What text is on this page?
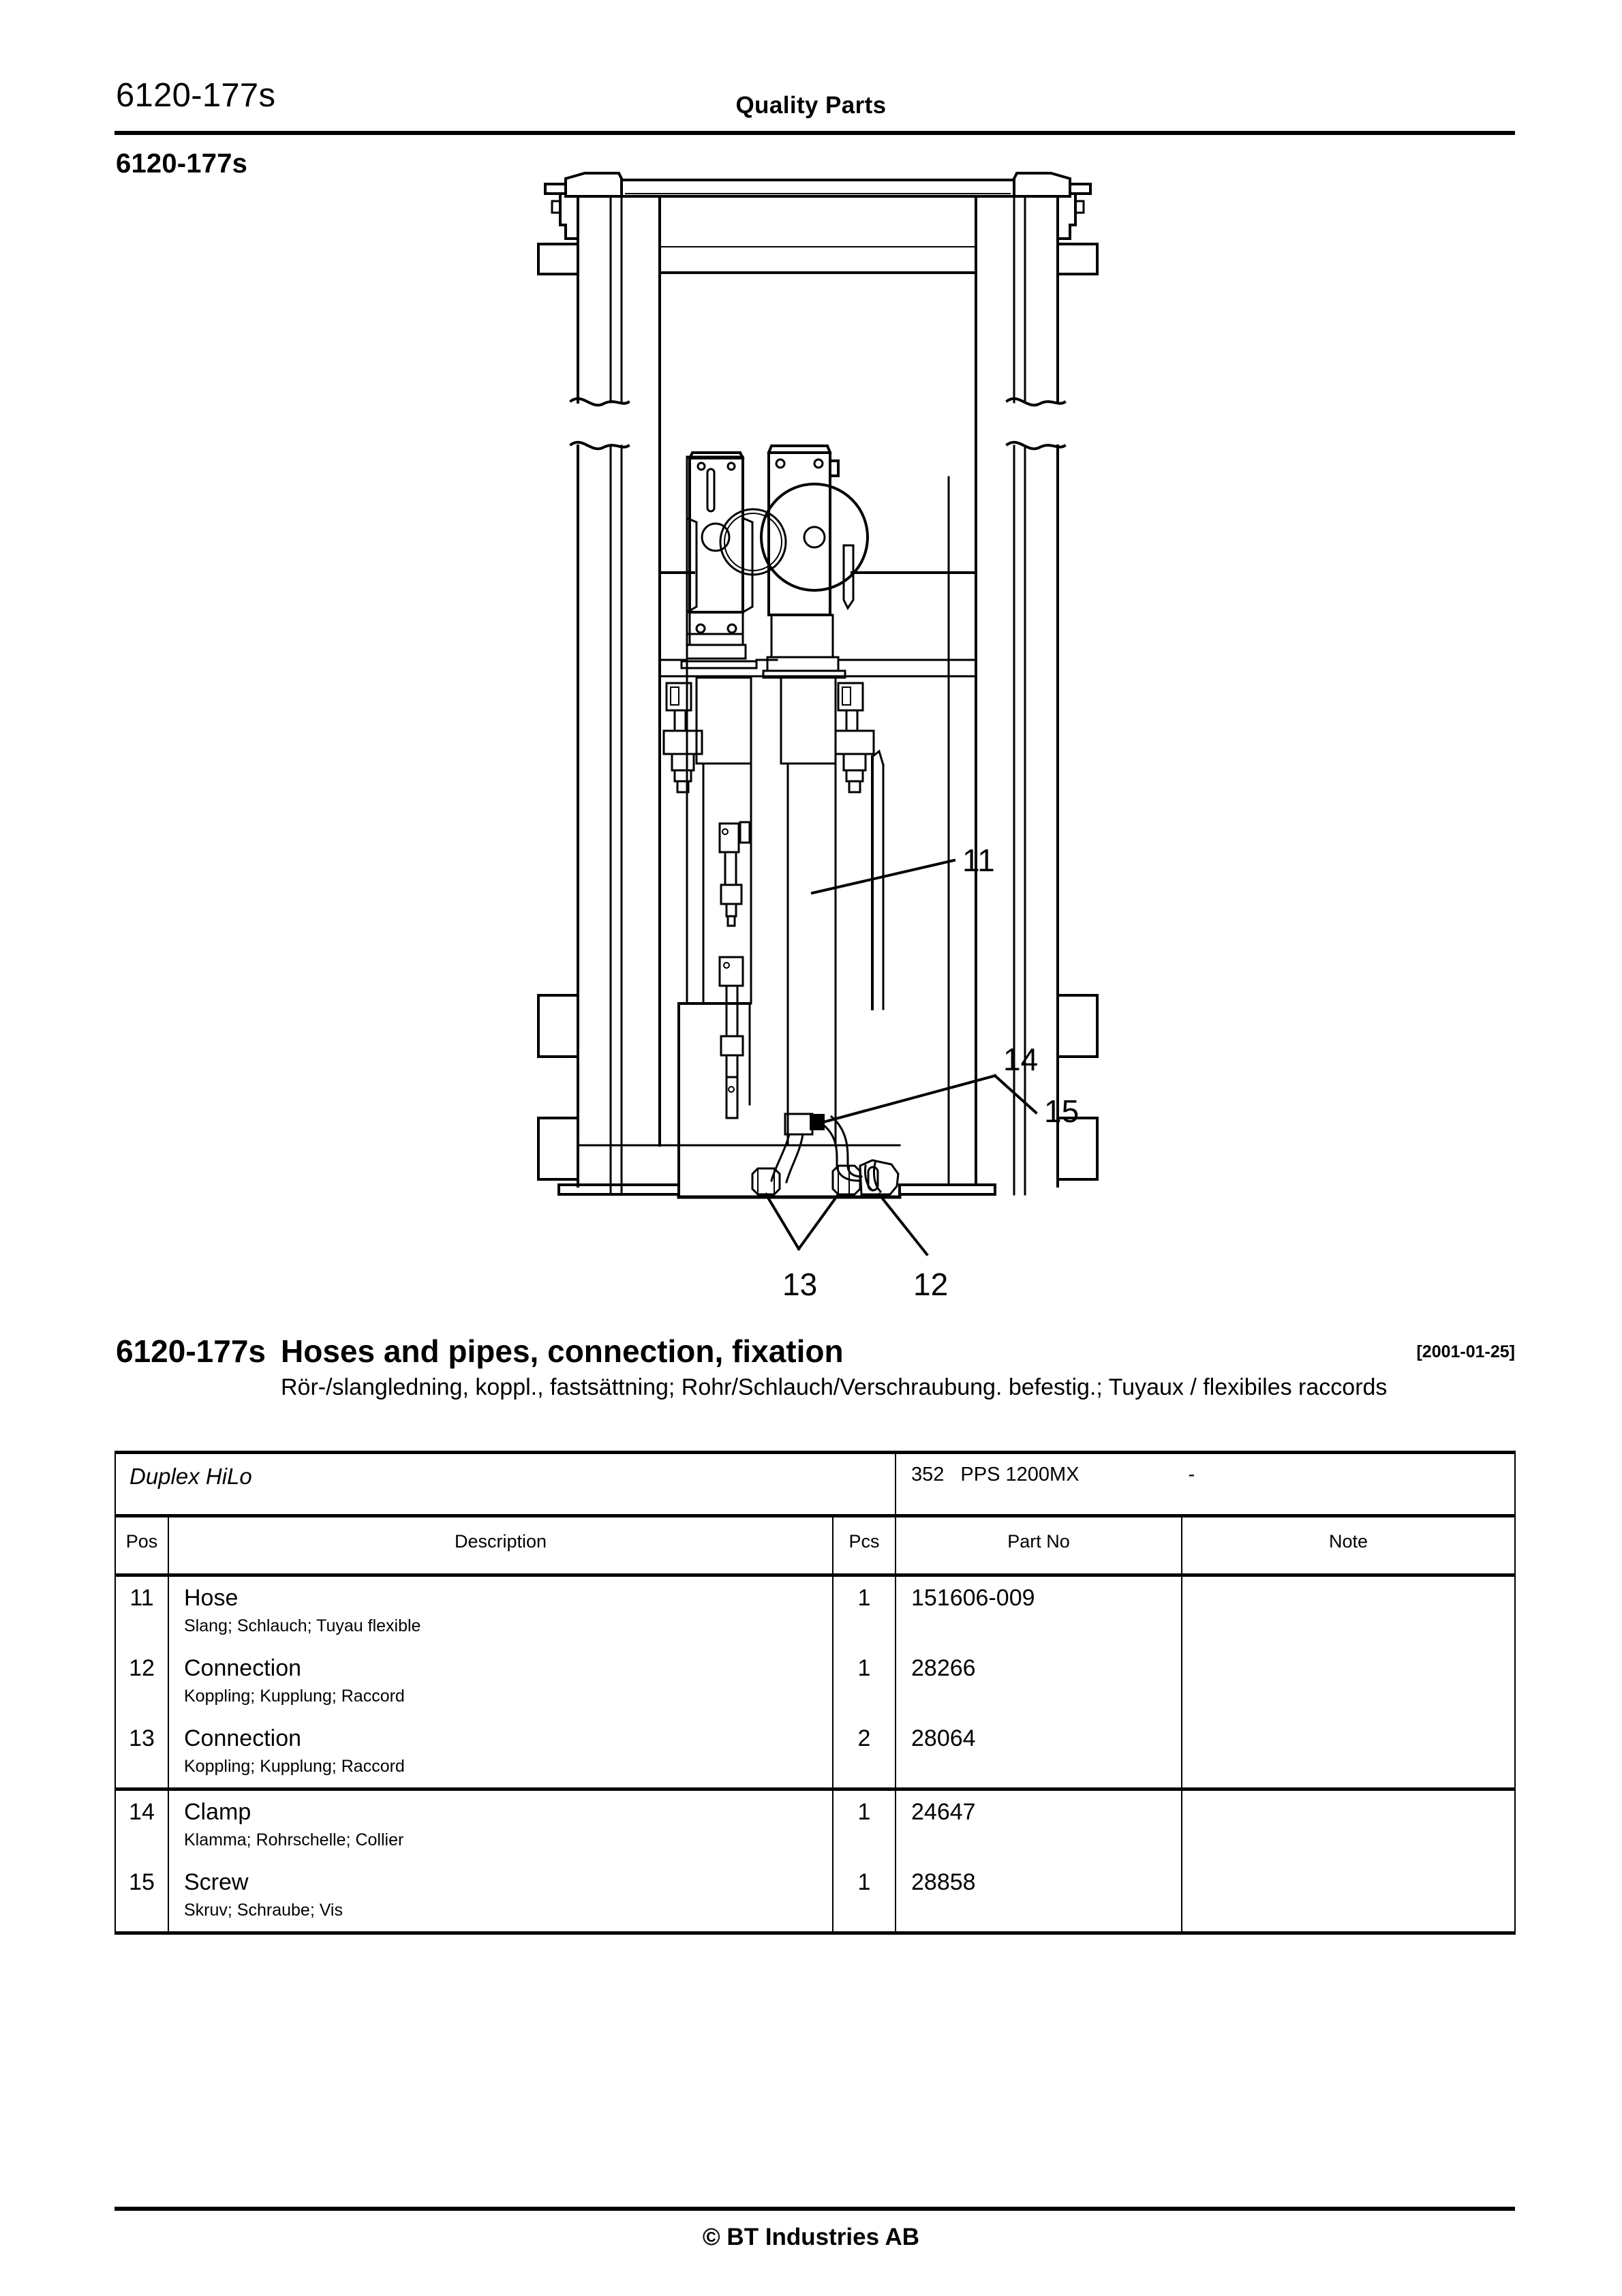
6120-177s	Quality Parts
6120-177s
11
14
15
13	12
6120-177s Hoses and pipes, connection, fixation	[2001-01-25]
Rör-/slangledning, koppl., fastsättning; Rohr/Schlauch/Verschraubung. befestig.; Tuyaux / flexibiles raccords
Duplex HiLo			352 PPS 1200MX -	
Pos	Description	Pcs	Part No	Note
11	Hose
Slang; Schlauch; Tuyau flexible	1	151606-009	
12	Connection
Koppling; Kupplung; Raccord	1	28266	
13	Connection
Koppling; Kupplung; Raccord	2	28064	
14	Clamp
Klamma; Rohrschelle; Collier	1	24647	
15	Screw
Skruv; Schraube; Vis	1	28858	
© BT Industries AB
